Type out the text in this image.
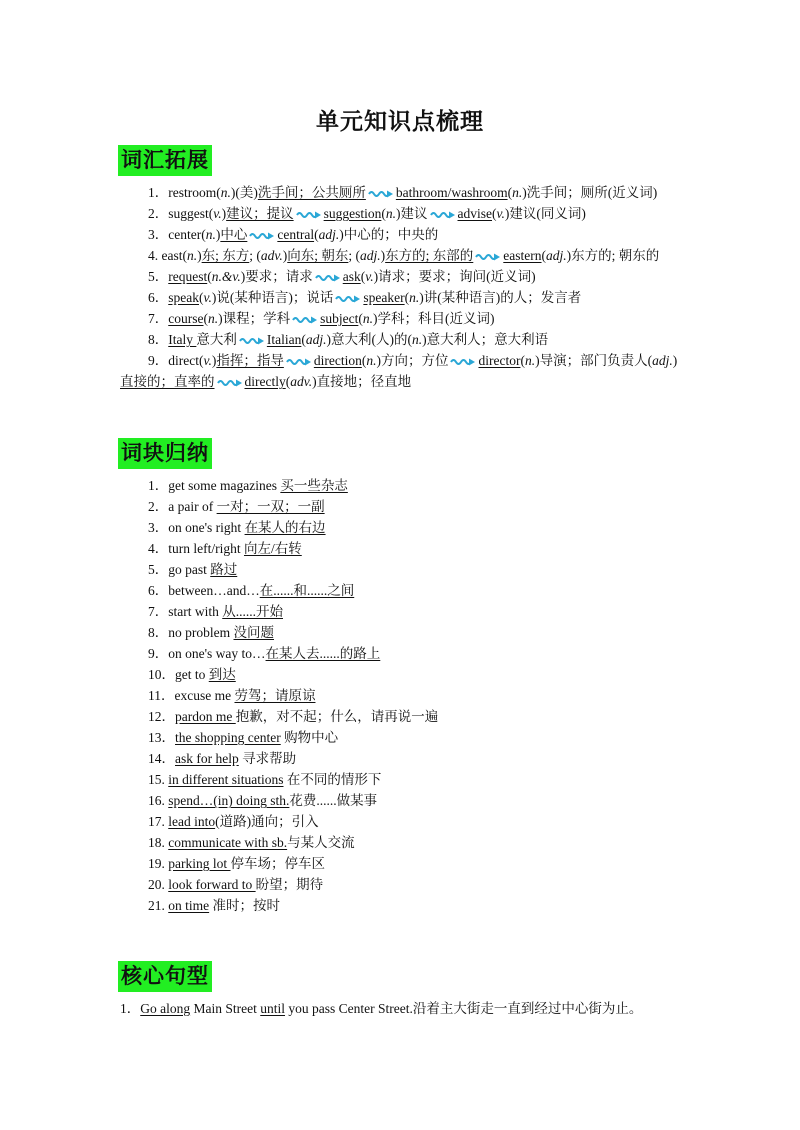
单元知识点梳理
词汇拓展
1．restroom(n.)(美)洗手间；公共厕所 bathroom/washroom(n.)洗手间；厕所(近义词)
2．suggest(v.)建议；提议 suggestion(n.)建议 advise(v.)建议(同义词)
3．center(n.)中心 central(adj.)中心的；中央的
4. east(n.)东; 东方; (adv.)向东; 朝东; (adj.)东方的; 东部的 eastern(adj.)东方的; 朝东的
5．request(n.&v.)要求；请求 ask(v.)请求；要求；询问(近义词)
6．speak(v.)说(某种语言)；说话 speaker(n.)讲(某种语言)的人；发言者
7．course(n.)课程；学科 subject(n.)学科；科目(近义词)
8．Italy 意大利 Italian(adj.)意大利(人)的(n.)意大利人；意大利语
9．direct(v.)指挥；指导 direction(n.)方向；方位 director(n.)导演；部门负责人(adj.)直接的；直率的 directly(adv.)直接地；径直地
词块归纳
1．get some magazines 买一些杂志
2．a pair of 一对；一双；一副
3．on one's right 在某人的右边
4．turn left/right 向左/右转
5．go past 路过
6．between…and…在......和......之间
7．start with 从......开始
8．no problem 没问题
9．on one's way to…在某人去......的路上
10．get to 到达
11．excuse me 劳驾；请原谅
12．pardon me 抱歉，对不起；什么，请再说一遍
13．the shopping center 购物中心
14．ask for help 寻求帮助
15. in different situations 在不同的情形下
16. spend…(in) doing sth.花费......做某事
17. lead into(道路)通向；引入
18. communicate with sb.与某人交流
19. parking lot 停车场；停车区
20. look forward to 盼望；期待
21. on time 准时；按时
核心句型
1．Go along Main Street until you pass Center Street.沿着主大街走一直到经过中心街为止。
